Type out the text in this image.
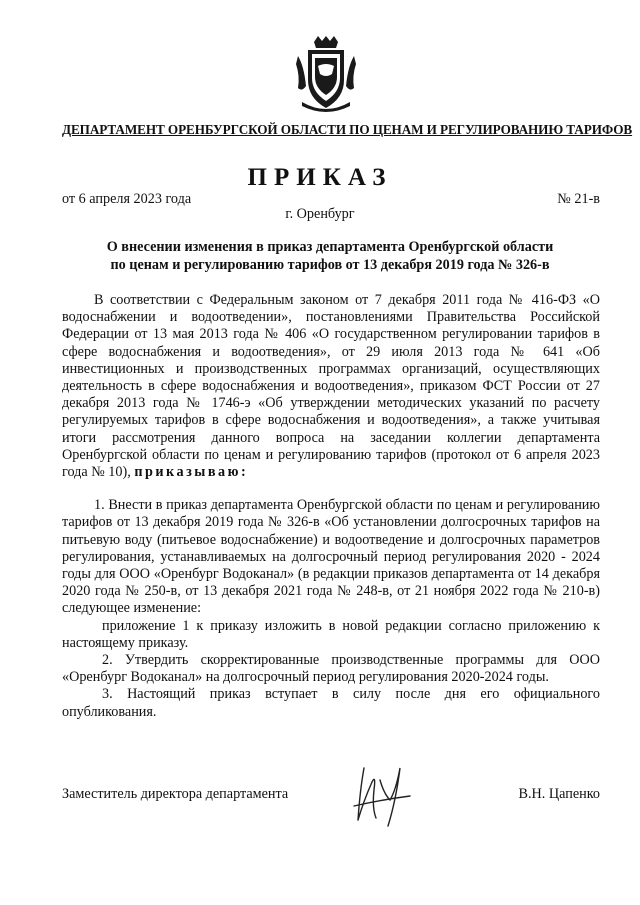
ДЕПАРТАМЕНТ ОРЕНБУРГСКОЙ ОБЛАСТИ ПО ЦЕНАМ И РЕГУЛИРОВАНИЮ ТАРИФОВ
ПРИКАЗ
от 6 апреля 2023 года	№ 21-в
г. Оренбург
О внесении изменения в приказ департамента Оренбургской области
по ценам и регулированию тарифов от 13 декабря 2019 года № 326-в

В соответствии с Федеральным законом от 7 декабря 2011 года № 416-ФЗ «О водоснабжении и водоотведении», постановлениями Правительства Российской Федерации от 13 мая 2013 года № 406 «О государственном регулировании тарифов в сфере водоснабжения и водоотведения», от 29 июля 2013 года № 641 «Об инвестиционных и производственных программах организаций, осуществляющих деятельность в сфере водоснабжения и водоотведения», приказом ФСТ России от 27 декабря 2013 года № 1746-э «Об утверждении методических указаний по расчету регулируемых тарифов в сфере водоснабжения и водоотведения», а также учитывая итоги рассмотрения данного вопроса на заседании коллегии департамента Оренбургской области по ценам и регулированию тарифов (протокол от 6 апреля 2023 года № 10), приказываю:

1. Внести в приказ департамента Оренбургской области по ценам и регулированию тарифов от 13 декабря 2019 года № 326-в «Об установлении долгосрочных тарифов на питьевую воду (питьевое водоснабжение) и водоотведение и долгосрочных параметров регулирования, устанавливаемых на долгосрочный период регулирования 2020 - 2024 годы для ООО «Оренбург Водоканал» (в редакции приказов департамента от 14 декабря 2020 года № 250-в, от 13 декабря 2021 года № 248-в, от 21 ноября 2022 года № 210-в) следующее изменение:

приложение 1 к приказу изложить в новой редакции согласно приложению к настоящему приказу.

2. Утвердить скорректированные производственные программы для ООО «Оренбург Водоканал» на долгосрочный период регулирования 2020-2024 годы.

3. Настоящий приказ вступает в силу после дня его официального опубликования.

Заместитель директора департамента	В.Н. Цапенко
